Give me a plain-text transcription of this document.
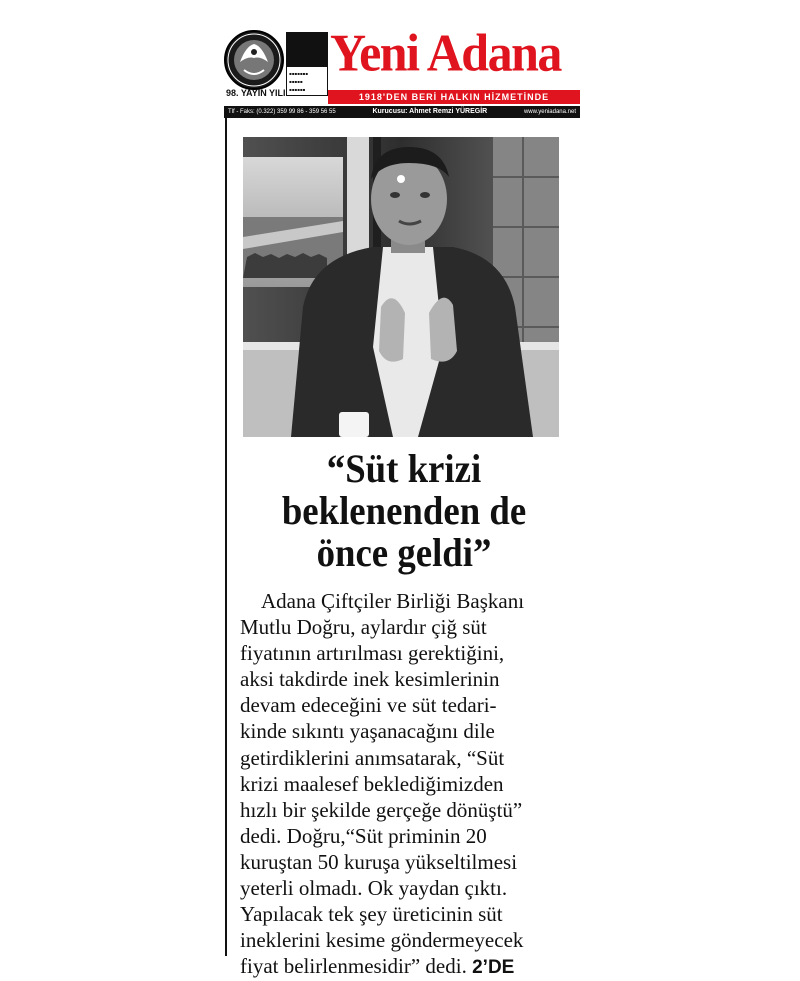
98. YAYIN YILI
▪▪▪▪▪▪▪
▪▪▪▪▪
▪▪▪▪▪▪
Yeni Adana
1918'DEN BERİ HALKIN HİZMETİNDE
Tlf - Faks: (0.322) 359 99 86 - 359 56 55	Kurucusu: Ahmet Remzi YÜREGİR	www.yeniadana.net
“Süt krizi
beklenenden de
önce geldi”
Adana Çiftçiler Birliği Başkanı
Mutlu Doğru, aylardır çiğ süt
fiyatının artırılması gerektiğini,
aksi takdirde inek kesimlerinin
devam edeceğini ve süt tedari-
kinde sıkıntı yaşanacağını dile
getirdiklerini anımsatarak, “Süt
krizi maalesef beklediğimizden
hızlı bir şekilde gerçeğe dönüştü”
dedi. Doğru,“Süt priminin 20
kuruştan 50 kuruşa yükseltilmesi
yeterli olmadı. Ok yaydan çıktı.
Yapılacak tek şey üreticinin süt
ineklerini kesime göndermeyecek
fiyat belirlenmesidir” dedi. 2’DE
